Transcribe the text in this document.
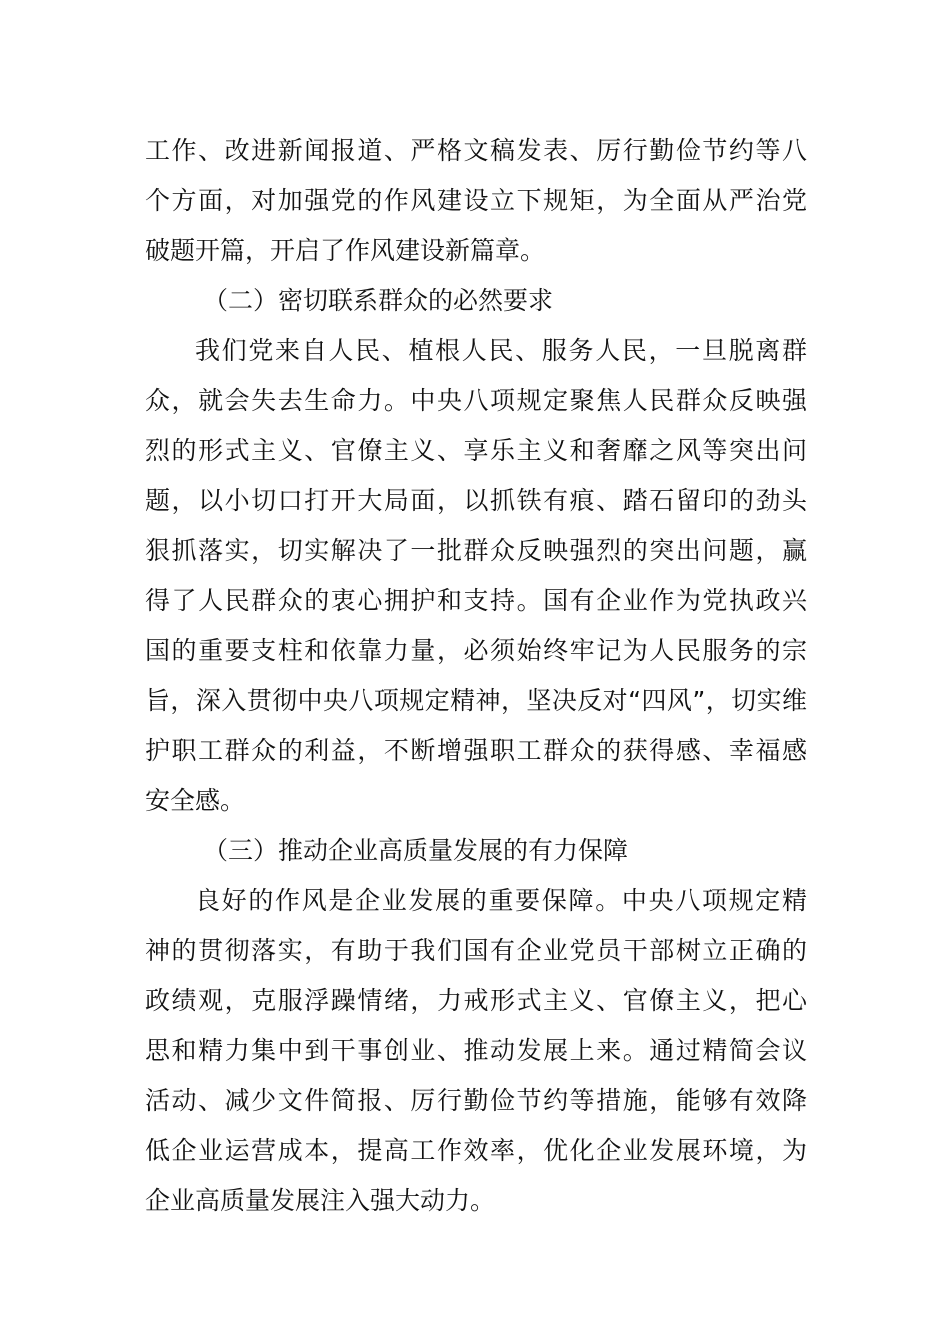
工作、改进新闻报道、严格文稿发表、厉行勤俭节约等八
个方面，对加强党的作风建设立下规矩，为全面从严治党
破题开篇，开启了作风建设新篇章。
（二）密切联系群众的必然要求
我们党来自人民、植根人民、服务人民，一旦脱离群
众，就会失去生命力。中央八项规定聚焦人民群众反映强
烈的形式主义、官僚主义、享乐主义和奢靡之风等突出问
题，以小切口打开大局面，以抓铁有痕、踏石留印的劲头
狠抓落实，切实解决了一批群众反映强烈的突出问题，赢
得了人民群众的衷心拥护和支持。国有企业作为党执政兴
国的重要支柱和依靠力量，必须始终牢记为人民服务的宗
旨，深入贯彻中央八项规定精神，坚决反对“四风”，切实维
护职工群众的利益，不断增强职工群众的获得感、幸福感
安全感。
（三）推动企业高质量发展的有力保障
良好的作风是企业发展的重要保障。中央八项规定精
神的贯彻落实，有助于我们国有企业党员干部树立正确的
政绩观，克服浮躁情绪，力戒形式主义、官僚主义，把心
思和精力集中到干事创业、推动发展上来。通过精简会议
活动、减少文件简报、厉行勤俭节约等措施，能够有效降
低企业运营成本，提高工作效率，优化企业发展环境，为
企业高质量发展注入强大动力。
